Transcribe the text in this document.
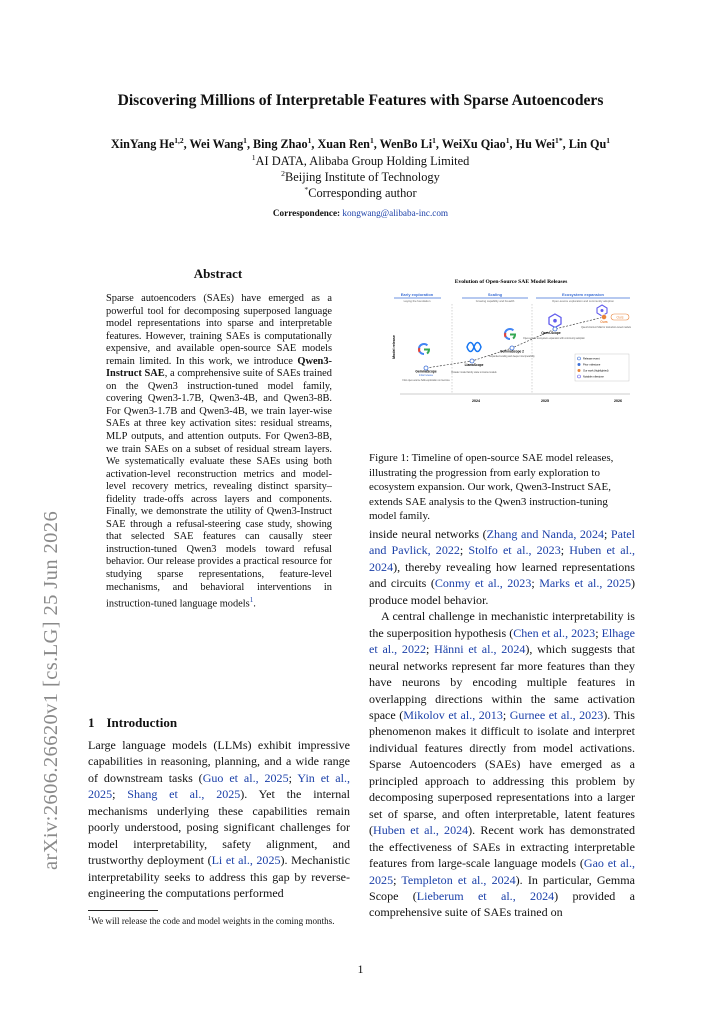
Discovering Millions of Interpretable Features with Sparse Autoencoders
XinYang He$^{1,2}$, Wei Wang$^1$, Bing Zhao$^1$, Xuan Ren$^1$, WenBo Li$^1$, WeiXu Qiao$^1$, Hu Wei$^{1*}$, Lin Qu$^1$
$^1$AI DATA, Alibaba Group Holding Limited
$^2$Beijing Institute of Technology
*Corresponding author
Correspondence: kongwang@alibaba-inc.com
arXiv:2606.26620v1 [cs.LG] 25 Jun 2026
Abstract
Sparse autoencoders (SAEs) have emerged as a powerful tool for decomposing superposed language model representations into sparse and interpretable features. However, training SAEs is computationally expensive, and available open-source SAE models remain limited. In this work, we introduce Qwen3-Instruct SAE, a comprehensive suite of SAEs trained on the Qwen3 instruction-tuned model family, covering Qwen3-1.7B, Qwen3-4B, and Qwen3-8B. For Qwen3-1.7B and Qwen3-4B, we train layer-wise SAEs at three key activation sites: residual streams, MLP outputs, and attention outputs. For Qwen3-8B, we train SAEs on a subset of residual stream layers. We systematically evaluate these SAEs using both activation-level reconstruction metrics and model-level recovery metrics, revealing distinct sparsity–fidelity trade-offs across layers and components. Finally, we demonstrate the utility of Qwen3-Instruct SAE through a refusal-steering case study, showing that selected SAE features can causally steer instruction-tuned Qwen3 models toward refusal behavior. Our release provides a practical resource for studying sparse representations, feature-level mechanisms, and behavioral interventions in instruction-tuned language models$^1$.
1 Introduction
Large language models (LLMs) exhibit impressive capabilities in reasoning, planning, and a wide range of downstream tasks (Guo et al., 2025; Yin et al., 2025; Shang et al., 2025). Yet the internal mechanisms underlying these capabilities remain poorly understood, posing significant challenges for model interpretability, safety alignment, and trustworthy deployment (Li et al., 2025). Mechanistic interpretability seeks to address this gap by reverse-engineering the computations performed
$^1$We will release the code and model weights in the coming months.
Evolution of Open-Source SAE Model Releases
Early exploration
Laying the foundation
Scaling
Growing capability and breadth
Ecosystem expansion
Open-source exploration and community adoption
Model release
2024	2025	2026
GemmaScope
Initial release
First open-source SAE exploration on Gemma
LlamaScope
Broader model family scale to Llama models
GemmaScope 2
Expanded scaling and deeper interpretability
Qwen-Scope
Open-source ecosystem expansion with community adoption
Ours
Ours
Qwen3-Instruct SAE for instruction-tuned models
Release event
Prior milestone
Our work (highlighted)
Notable milestone
Figure 1: Timeline of open-source SAE model releases, illustrating the progression from early exploration to ecosystem expansion. Our work, Qwen3-Instruct SAE, extends SAE analysis to the Qwen3 instruction-tuning model family.
inside neural networks (Zhang and Nanda, 2024; Patel and Pavlick, 2022; Stolfo et al., 2023; Huben et al., 2024), thereby revealing how learned representations and circuits (Conmy et al., 2023; Marks et al., 2025) produce model behavior.
A central challenge in mechanistic interpretability is the superposition hypothesis (Chen et al., 2023; Elhage et al., 2022; Hänni et al., 2024), which suggests that neural networks represent far more features than they have neurons by encoding multiple features in overlapping directions within the same activation space (Mikolov et al., 2013; Gurnee et al., 2023). This phenomenon makes it difficult to isolate and interpret individual features directly from model activations. Sparse Autoencoders (SAEs) have emerged as a principled approach to addressing this problem by decomposing superposed representations into a larger set of sparse, and often interpretable, latent features (Huben et al., 2024). Recent work has demonstrated the effectiveness of SAEs in extracting interpretable features from large-scale language models (Gao et al., 2025; Templeton et al., 2024). In particular, Gemma Scope (Lieberum et al., 2024) provided a comprehensive suite of SAEs trained on
1
